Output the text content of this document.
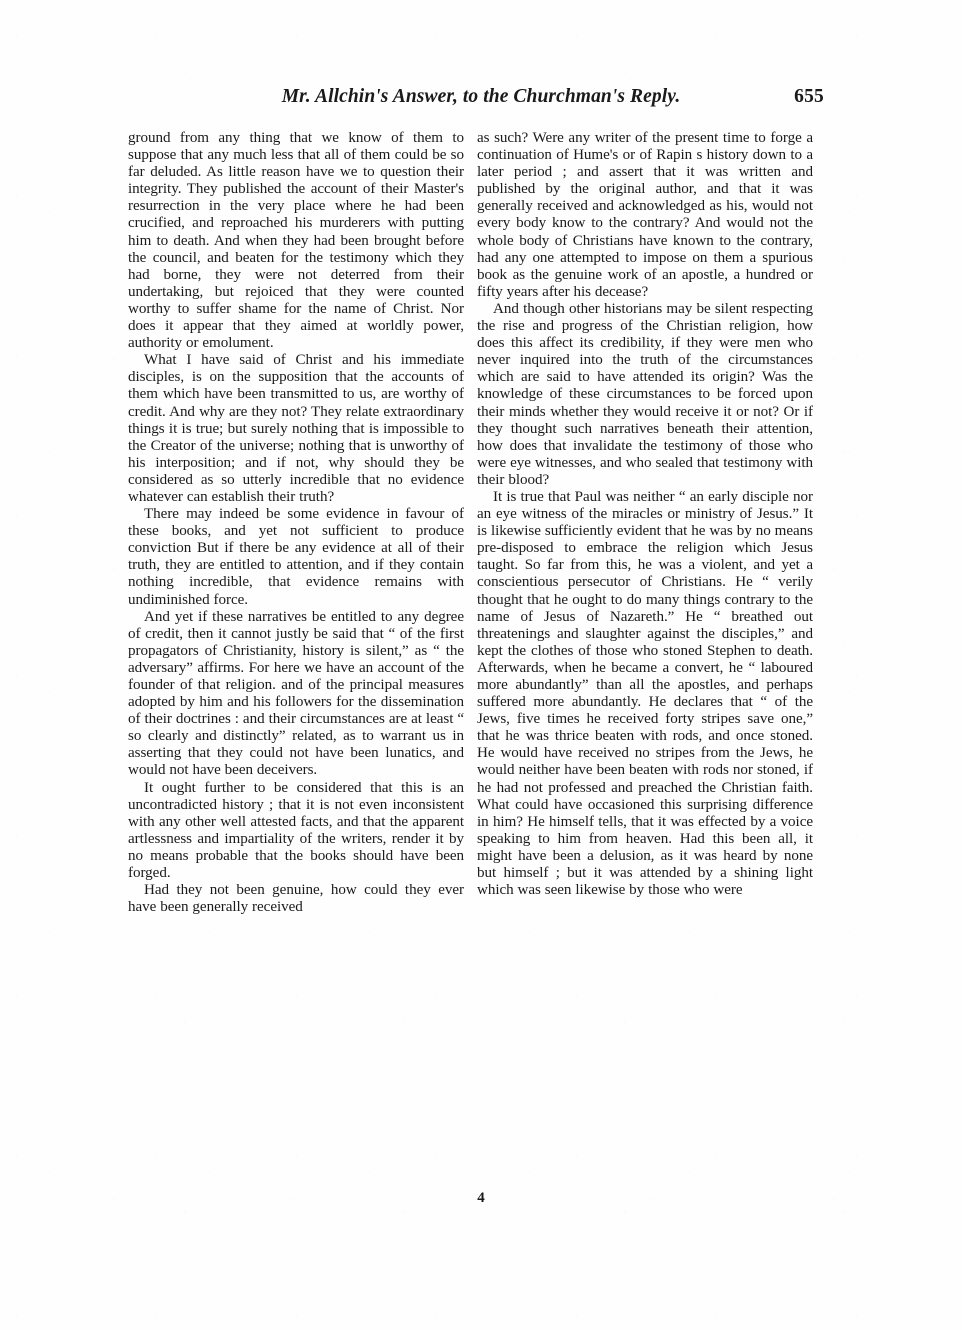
Mr. Allchin's Answer, to the Churchman's Reply.	655

ground from any thing that we know of them to suppose that any much less that all of them could be so far deluded. As little reason have we to question their integrity. They published the account of their Master's resurrection in the very place where he had been crucified, and reproached his murderers with putting him to death. And when they had been brought before the council, and beaten for the testimony which they had borne, they were not deterred from their undertaking, but rejoiced that they were counted worthy to suffer shame for the name of Christ. Nor does it appear that they aimed at worldly power, authority or emolument.

What I have said of Christ and his immediate disciples, is on the supposition that the accounts of them which have been transmitted to us, are worthy of credit. And why are they not? They relate extraordinary things it is true; but surely nothing that is impossible to the Creator of the universe; nothing that is unworthy of his interposition; and if not, why should they be considered as so utterly incredible that no evidence whatever can establish their truth?

There may indeed be some evidence in favour of these books, and yet not sufficient to produce conviction But if there be any evidence at all of their truth, they are entitled to attention, and if they contain nothing incredible, that evidence remains with undiminished force.

And yet if these narratives be entitled to any degree of credit, then it cannot justly be said that “ of the first propagators of Christianity, history is silent,” as “ the adversary” affirms. For here we have an account of the founder of that religion. and of the principal measures adopted by him and his followers for the dissemination of their doctrines : and their circumstances are at least “ so clearly and distinctly” related, as to warrant us in asserting that they could not have been lunatics, and would not have been deceivers.

It ought further to be considered that this is an uncontradicted history ; that it is not even inconsistent with any other well attested facts, and that the apparent artlessness and impartiality of the writers, render it by no means probable that the books should have been forged.

Had they not been genuine, how could they ever have been generally received

as such? Were any writer of the present time to forge a continuation of Hume's or of Rapin s history down to a later period ; and assert that it was written and published by the original author, and that it was generally received and acknowledged as his, would not every body know to the contrary? And would not the whole body of Christians have known to the contrary, had any one attempted to impose on them a spurious book as the genuine work of an apostle, a hundred or fifty years after his decease?

And though other historians may be silent respecting the rise and progress of the Christian religion, how does this affect its credibility, if they were men who never inquired into the truth of the circumstances which are said to have attended its origin? Was the knowledge of these circumstances to be forced upon their minds whether they would receive it or not? Or if they thought such narratives beneath their attention, how does that invalidate the testimony of those who were eye witnesses, and who sealed that testimony with their blood?

It is true that Paul was neither “ an early disciple nor an eye witness of the miracles or ministry of Jesus.” It is likewise sufficiently evident that he was by no means pre-disposed to embrace the religion which Jesus taught. So far from this, he was a violent, and yet a conscientious persecutor of Christians. He “ verily thought that he ought to do many things contrary to the name of Jesus of Nazareth.” He “ breathed out threatenings and slaughter against the disciples,” and kept the clothes of those who stoned Stephen to death. Afterwards, when he became a convert, he “ laboured more abundantly” than all the apostles, and perhaps suffered more abundantly. He declares that “ of the Jews, five times he received forty stripes save one,” that he was thrice beaten with rods, and once stoned. He would have received no stripes from the Jews, he would neither have been beaten with rods nor stoned, if he had not professed and preached the Christian faith. What could have occasioned this surprising difference in him? He himself tells, that it was effected by a voice speaking to him from heaven. Had this been all, it might have been a delusion, as it was heard by none but himself ; but it was attended by a shining light which was seen likewise by those who were

4
